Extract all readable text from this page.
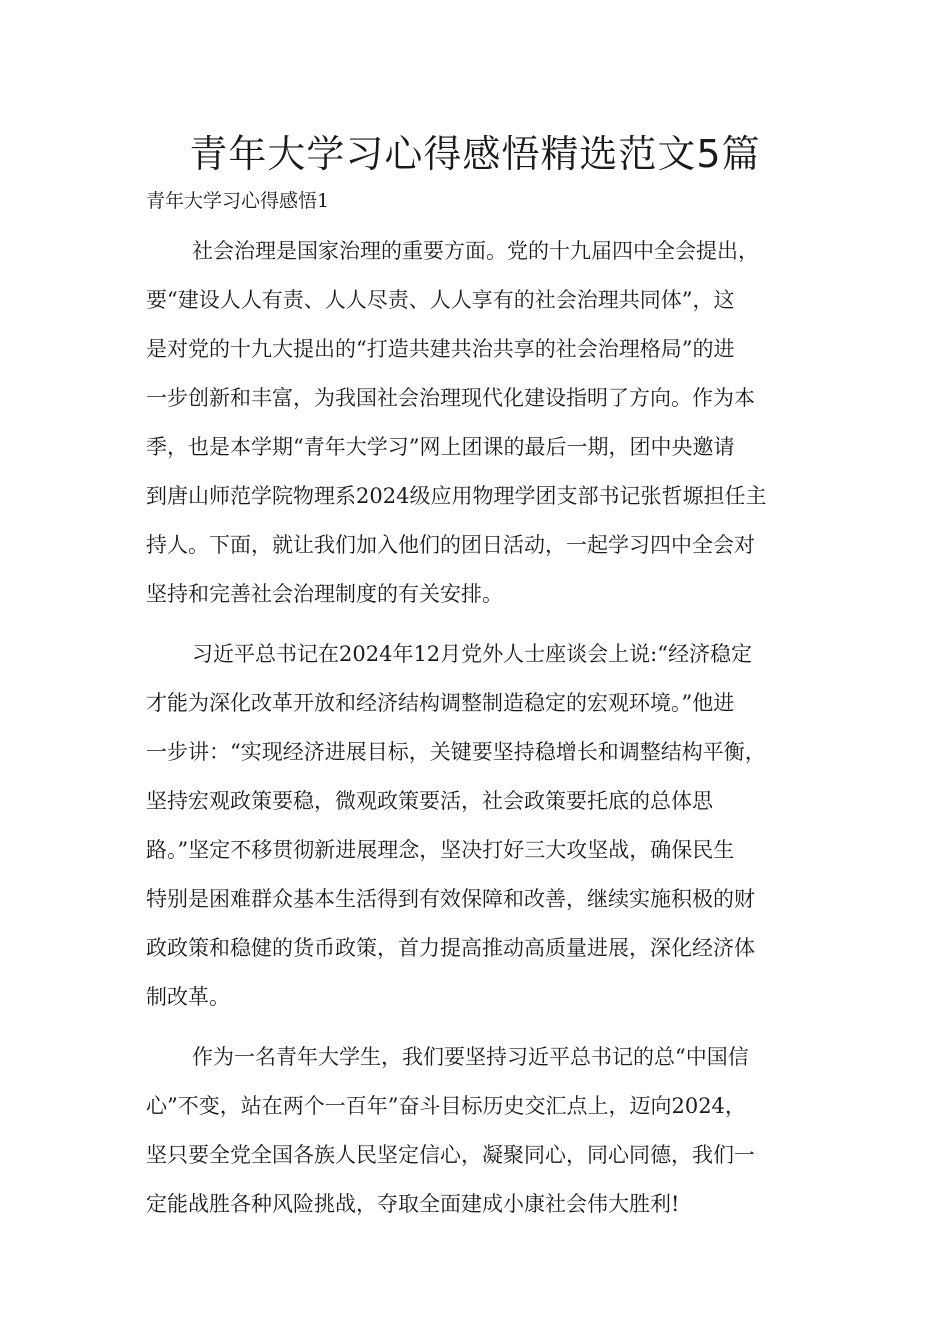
青年大学习心得感悟精选范文5篇
青年大学习心得感悟1
社会治理是国家治理的重要方面。党的十九届四中全会提出，
要“建设人人有责、人人尽责、人人享有的社会治理共同体”，这
是对党的十九大提出的“打造共建共治共享的社会治理格局”的进
一步创新和丰富，为我国社会治理现代化建设指明了方向。作为本
季，也是本学期“青年大学习”网上团课的最后一期，团中央邀请
到唐山师范学院物理系2024级应用物理学团支部书记张哲塬担任主
持人。下面，就让我们加入他们的团日活动，一起学习四中全会对
坚持和完善社会治理制度的有关安排。
习近平总书记在2024年12月党外人士座谈会上说:“经济稳定
才能为深化改革开放和经济结构调整制造稳定的宏观环境。”他进
一步讲：“实现经济进展目标，关键要坚持稳增长和调整结构平衡，
坚持宏观政策要稳，微观政策要活，社会政策要托底的总体思
路。”坚定不移贯彻新进展理念，坚决打好三大攻坚战，确保民生
特别是困难群众基本生活得到有效保障和改善，继续实施积极的财
政政策和稳健的货币政策，首力提高推动高质量进展，深化经济体
制改革。
作为一名青年大学生，我们要坚持习近平总书记的总“中国信
心”不变，站在两个一百年”奋斗目标历史交汇点上，迈向2024，
坚只要全党全国各族人民坚定信心，凝聚同心，同心同德，我们一
定能战胜各种风险挑战，夺取全面建成小康社会伟大胜利!
